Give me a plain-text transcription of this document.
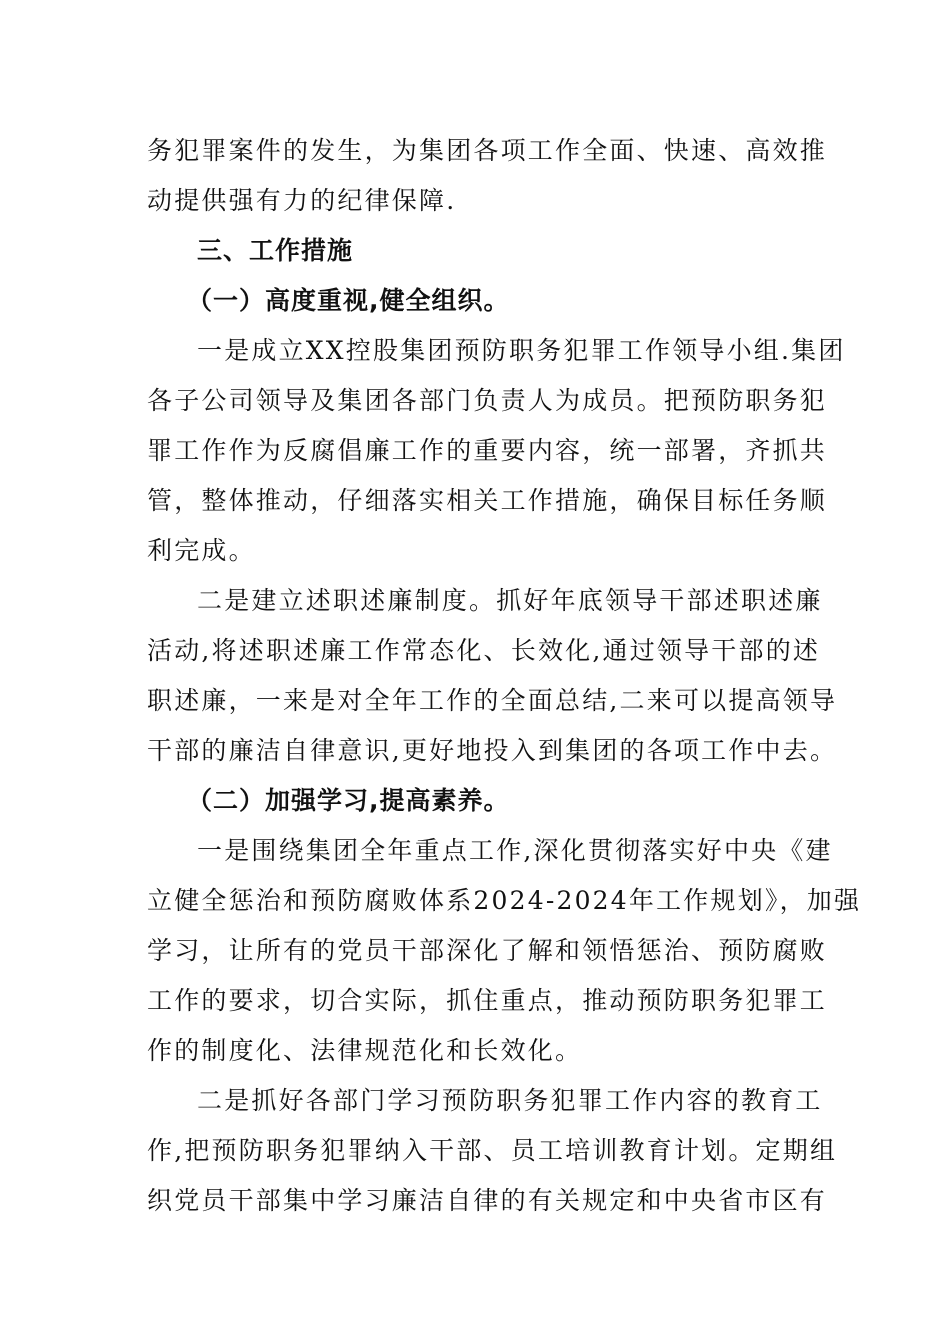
务犯罪案件的发生，为集团各项工作全面、快速、高效推
动提供强有力的纪律保障.
三、工作措施
（一）高度重视,健全组织。
一是成立XX控股集团预防职务犯罪工作领导小组.集团
各子公司领导及集团各部门负责人为成员。把预防职务犯
罪工作作为反腐倡廉工作的重要内容，统一部署，齐抓共
管，整体推动，仔细落实相关工作措施，确保目标任务顺
利完成。
二是建立述职述廉制度。抓好年底领导干部述职述廉
活动,将述职述廉工作常态化、长效化,通过领导干部的述
职述廉，一来是对全年工作的全面总结,二来可以提高领导
干部的廉洁自律意识,更好地投入到集团的各项工作中去。
（二）加强学习,提高素养。
一是围绕集团全年重点工作,深化贯彻落实好中央《建
立健全惩治和预防腐败体系2024-2024年工作规划》，加强
学习，让所有的党员干部深化了解和领悟惩治、预防腐败
工作的要求，切合实际，抓住重点，推动预防职务犯罪工
作的制度化、法律规范化和长效化。
二是抓好各部门学习预防职务犯罪工作内容的教育工
作,把预防职务犯罪纳入干部、员工培训教育计划。定期组
织党员干部集中学习廉洁自律的有关规定和中央省市区有
